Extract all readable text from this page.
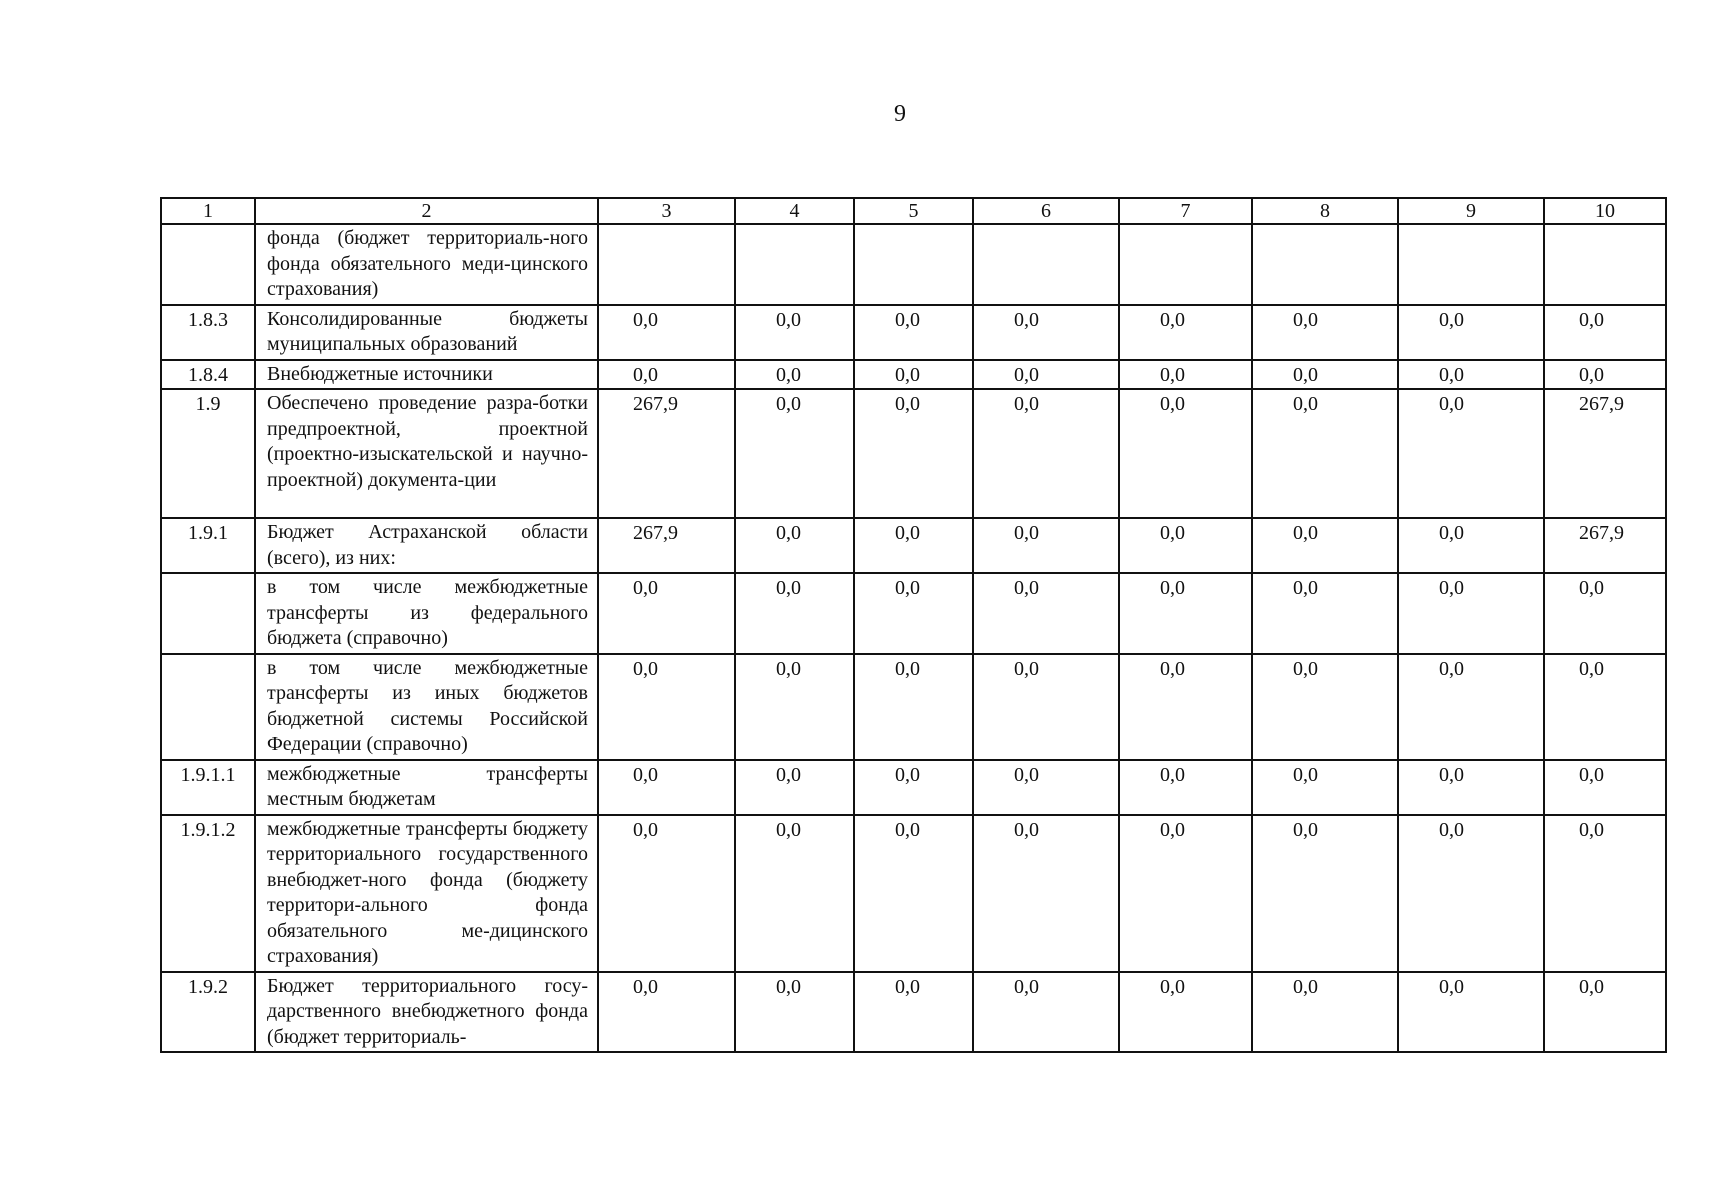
9
1	2	3	4	5	6	7	8	9	10
	фонда (бюджет территориаль-ного фонда обязательного меди-цинского страхования)								
1.8.3	Консолидированные бюджеты муниципальных образований	0,0	0,0	0,0	0,0	0,0	0,0	0,0	0,0
1.8.4	Внебюджетные источники	0,0	0,0	0,0	0,0	0,0	0,0	0,0	0,0
1.9	Обеспечено проведение разра-ботки предпроектной, проектной (проектно-изыскательской и научно-проектной) документа-ции	267,9	0,0	0,0	0,0	0,0	0,0	0,0	267,9
1.9.1	Бюджет Астраханской области (всего), из них:	267,9	0,0	0,0	0,0	0,0	0,0	0,0	267,9
	в том числе межбюджетные трансферты из федерального бюджета (справочно)	0,0	0,0	0,0	0,0	0,0	0,0	0,0	0,0
	в том числе межбюджетные трансферты из иных бюджетов бюджетной системы Российской Федерации (справочно)	0,0	0,0	0,0	0,0	0,0	0,0	0,0	0,0
1.9.1.1	межбюджетные трансферты местным бюджетам	0,0	0,0	0,0	0,0	0,0	0,0	0,0	0,0
1.9.1.2	межбюджетные трансферты бюджету территориального государственного внебюджет-ного фонда (бюджету территори-ального фонда обязательного ме-дицинского страхования)	0,0	0,0	0,0	0,0	0,0	0,0	0,0	0,0
1.9.2	Бюджет территориального госу-дарственного внебюджетного фонда (бюджет территориаль-	0,0	0,0	0,0	0,0	0,0	0,0	0,0	0,0
